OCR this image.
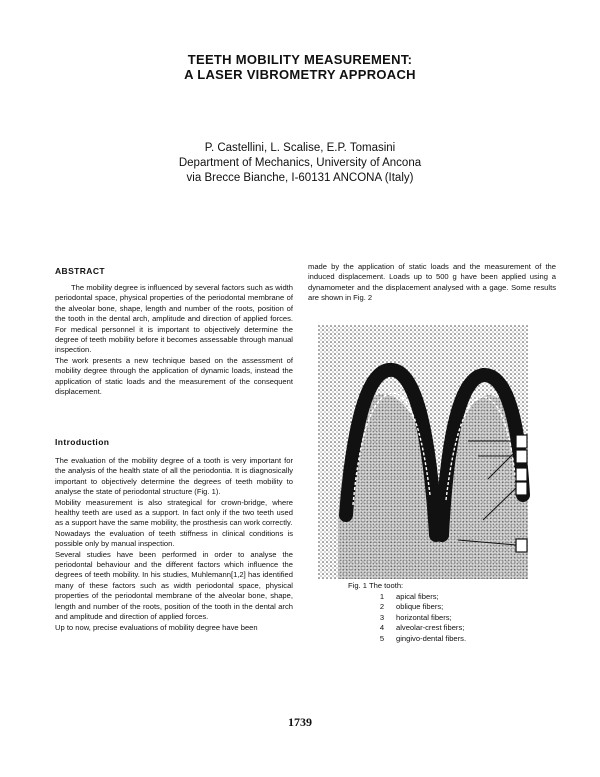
TEETH MOBILITY MEASUREMENT:
A LASER VIBROMETRY APPROACH
P. Castellini, L. Scalise, E.P. Tomasini
Department of Mechanics, University of Ancona
via Brecce Bianche, I-60131 ANCONA (Italy)
ABSTRACT

The mobility degree is influenced by several factors such as width periodontal space, physical properties of the periodontal membrane of the alveolar bone, shape, length and number of the roots, position of the tooth in the dental arch, amplitude and direction of applied forces. For medical personnel it is important to objectively determine the degree of teeth mobility before it becomes assessable through manual inspection.

The work presents a new technique based on the assessment of mobility degree through the application of dynamic loads, instead the application of static loads and the measurement of the consequent displacement.

Introduction

The evaluation of the mobility degree of a tooth is very important for the analysis of the health state of all the periodontia. It is diagnosically important to objectively determine the degrees of teeth mobility to analyse the state of periodontal structure (Fig. 1).

Mobility measurement is also strategical for crown-bridge, where healthy teeth are used as a support. In fact only if the two teeth used as a support have the same mobility, the prosthesis can work correctly.

Nowadays the evaluation of teeth stiffness in clinical conditions is possible only by manual inspection.

Several studies have been performed in order to analyse the periodontal behaviour and the different factors which influence the degrees of teeth mobility. In his studies, Muhlemann[1,2] has identified many of these factors such as width periodontal space, physical properties of the periodontal membrane of the alveolar bone, shape, length and number of the roots, position of the tooth in the dental arch and amplitude and direction of applied forces.

Up to now, precise evaluations of mobility degree have been

made by the application of static loads and the measurement of the induced displacement. Loads up to 500 g have been applied using a dynamometer and the displacement analysed with a gage. Some results are shown in Fig. 2

Fig. 1 The tooth:
1	apical fibers;
2	oblique fibers;
3	horizontal fibers;
4	alveolar-crest fibers;
5	gingivo-dental fibers.
1739
